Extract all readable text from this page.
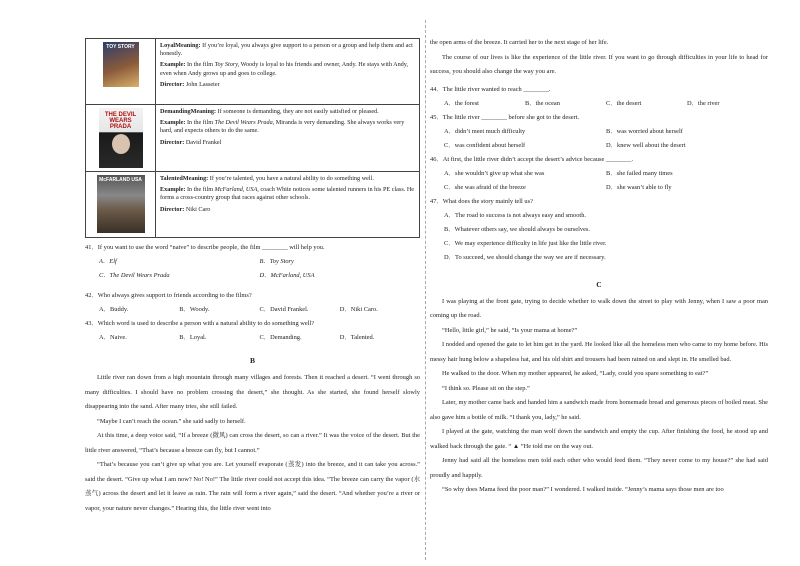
TOY STORY	LoyalMeaning: If you’re loyal, you always give support to a person or a group and help them and act honestly.
Example: In the film Toy Story, Woody is loyal to his friends and owner, Andy. He stays with Andy, even when Andy grows up and goes to college.
Director: John Lasseter

THE DEVIL WEARS PRADA	DemandingMeaning: If someone is demanding, they are not easily satisfied or pleased.
Example: In the film The Devil Wears Prada, Miranda is very demanding. She always works very hard, and expects others to do the same.
Director: David Frankel

McFARLAND USA	TalentedMeaning: If you’re talented, you have a natural ability to do something well.
Example: In the film McFarland, USA, coach White notices some talented runners in his PE class. He forms a cross-country group that races against other schools.
Director: Niki Caro
41．If you want to use the word “naive” to describe people, the film ________ will help you.
A．Elf	B．Toy Story
C．The Devil Wears Prada	D．McFarland, USA
42．Who always gives support to friends according to the films?
A．Buddy.	B．Woody.	C．David Frankel.	D．Niki Caro.
43．Which word is used to describe a person with a natural ability to do something well?
A．Naive.	B．Loyal.	C．Demanding.	D．Talented.
B

Little river ran down from a high mountain through many villages and forests. Then it reached a desert. “I went through so many difficulties. I should have no problem crossing the desert,” she thought. As she started, she found herself slowly disappearing into the sand. After many tries, she still failed.

“Maybe I can’t reach the ocean.” she said sadly to herself.

At this time, a deep voice said, “If a breeze (微风) can cross the desert, so can a river.” It was the voice of the desert. But the little river answered, “That’s because a breeze can fly, but I cannot.”

“That’s because you can’t give up what you are. Let yourself evaporate (蒸发) into the breeze, and it can take you across.” said the desert. “Give up what I am now? No! No!” The little river could not accept this idea. “The breeze can carry the vapor (水蒸气) across the desert and let it leave as rain. The rain will form a river again,” said the desert. “And whether you’re a river or vapor, your nature never changes.” Hearing this, the little river went into

the open arms of the breeze. It carried her to the next stage of her life.

The course of our lives is like the experience of the little river. If you want to go through difficulties in your life to head for success, you should also change the way you are.

44．The little river wanted to reach ________.
A．the forest	B．the ocean	C．the desert	D．the river
45．The little river ________ before she got to the desert.
A．didn’t meet much difficulty	B．was worried about herself
C．was confident about herself	D．knew well about the desert
46．At first, the little river didn’t accept the desert’s advice because ________.
A．she wouldn’t give up what she was	B．she failed many times
C．she was afraid of the breeze	D．she wasn’t able to fly
47．What does the story mainly tell us?
A．The road to success is not always easy and smooth.
B．Whatever others say, we should always be ourselves.
C．We may experience difficulty in life just like the little river.
D．To succeed, we should change the way we are if necessary.
C

I was playing at the front gate, trying to decide whether to walk down the street to play with Jenny, when I saw a poor man coming up the road.

“Hello, little girl,” he said, “Is your mama at home?”

I nodded and opened the gate to let him get in the yard. He looked like all the homeless men who came to my home before. His messy hair hung below a shapeless hat, and his old shirt and trousers had been rained on and slept in. He smelled bad.

He walked to the door. When my mother appeared, he asked, “Lady, could you spare something to eat?”

“I think so. Please sit on the step.”

Later, my mother came back and handed him a sandwich made from homemade bread and generous pieces of boiled meat. She also gave him a bottle of milk. “I thank you, lady,” he said.

I played at the gate, watching the man wolf down the sandwich and empty the cup. After finishing the food, he stood up and walked back through the gate. “ ▲ ”He told me on the way out.

Jenny had said all the homeless men told each other who would feed them. “They never come to my house?” she had said proudly and happily.

“So why does Mama feed the poor man?” I wondered. I walked inside. “Jenny’s mama says those men are too
